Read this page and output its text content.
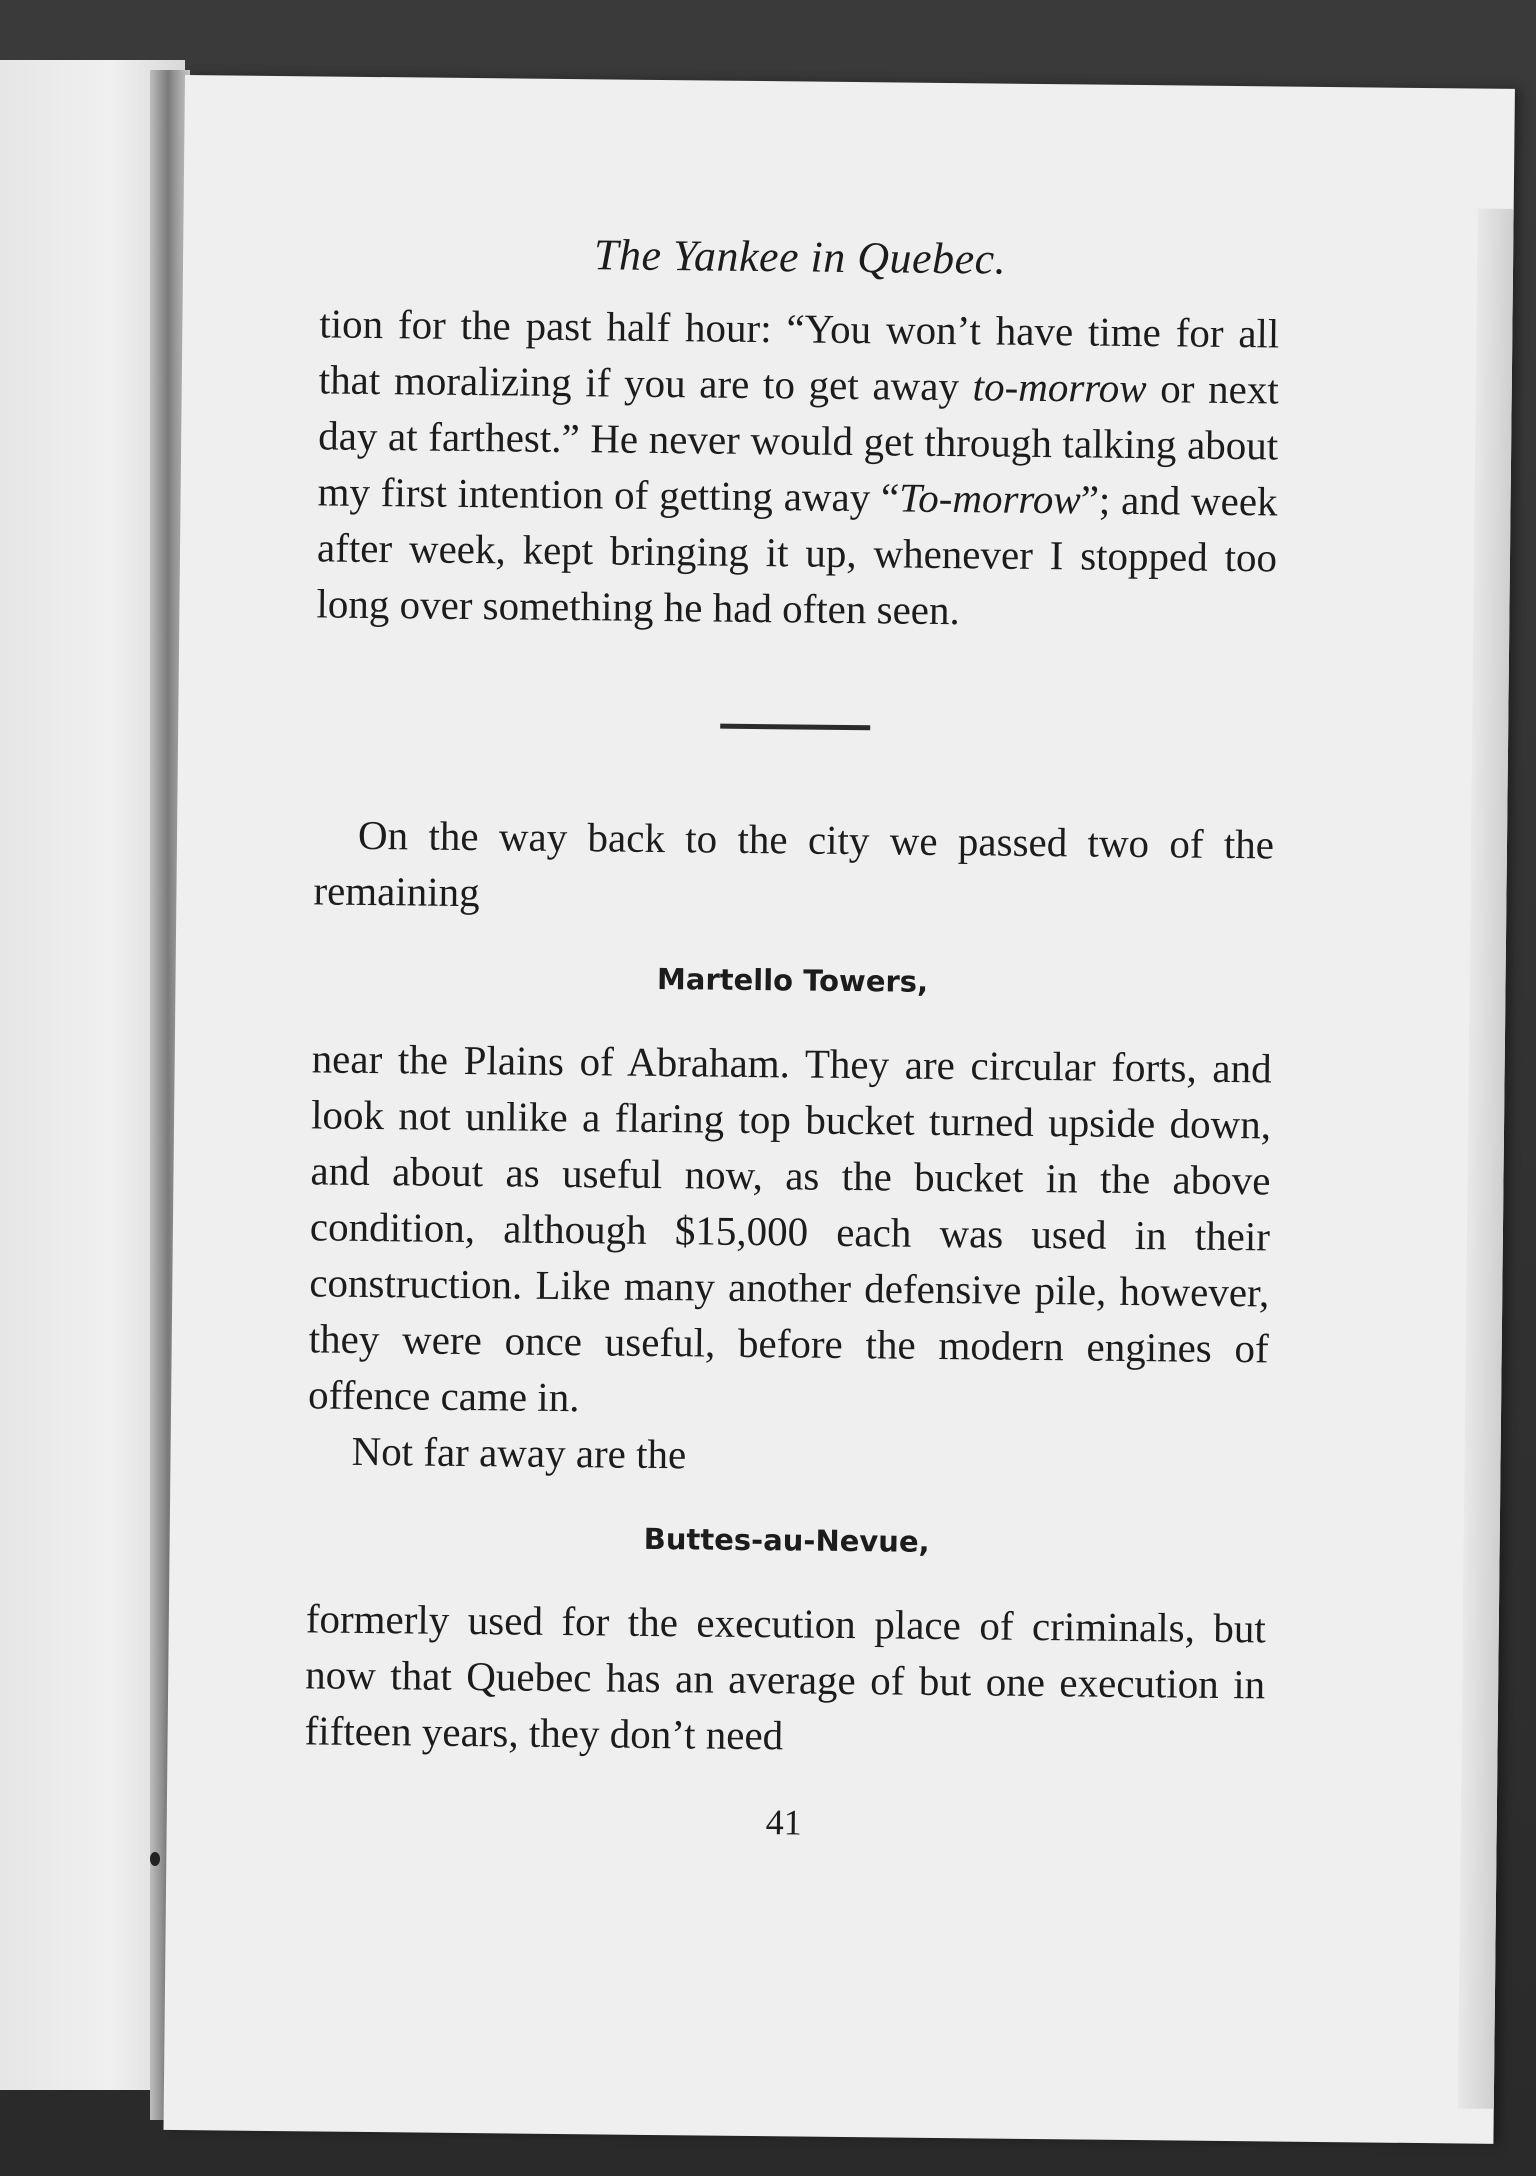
The Yankee in Quebec.

tion for the past half hour: “You won’t have time for all that moralizing if you are to get away to-morrow or next day at farthest.” He never would get through talking about my first intention of getting away “To-morrow”; and week after week, kept bringing it up, whenever I stopped too long over something he had often seen.

On the way back to the city we passed two of the remaining

Martello Towers,

near the Plains of Abraham. They are circular forts, and look not unlike a flaring top bucket turned upside down, and about as useful now, as the bucket in the above condition, although $15,000 each was used in their construction. Like many another defensive pile, however, they were once useful, before the modern engines of offence came in.

Not far away are the

Buttes-au-Nevue,

formerly used for the execution place of criminals, but now that Quebec has an average of but one execution in fifteen years, they don’t need

41
